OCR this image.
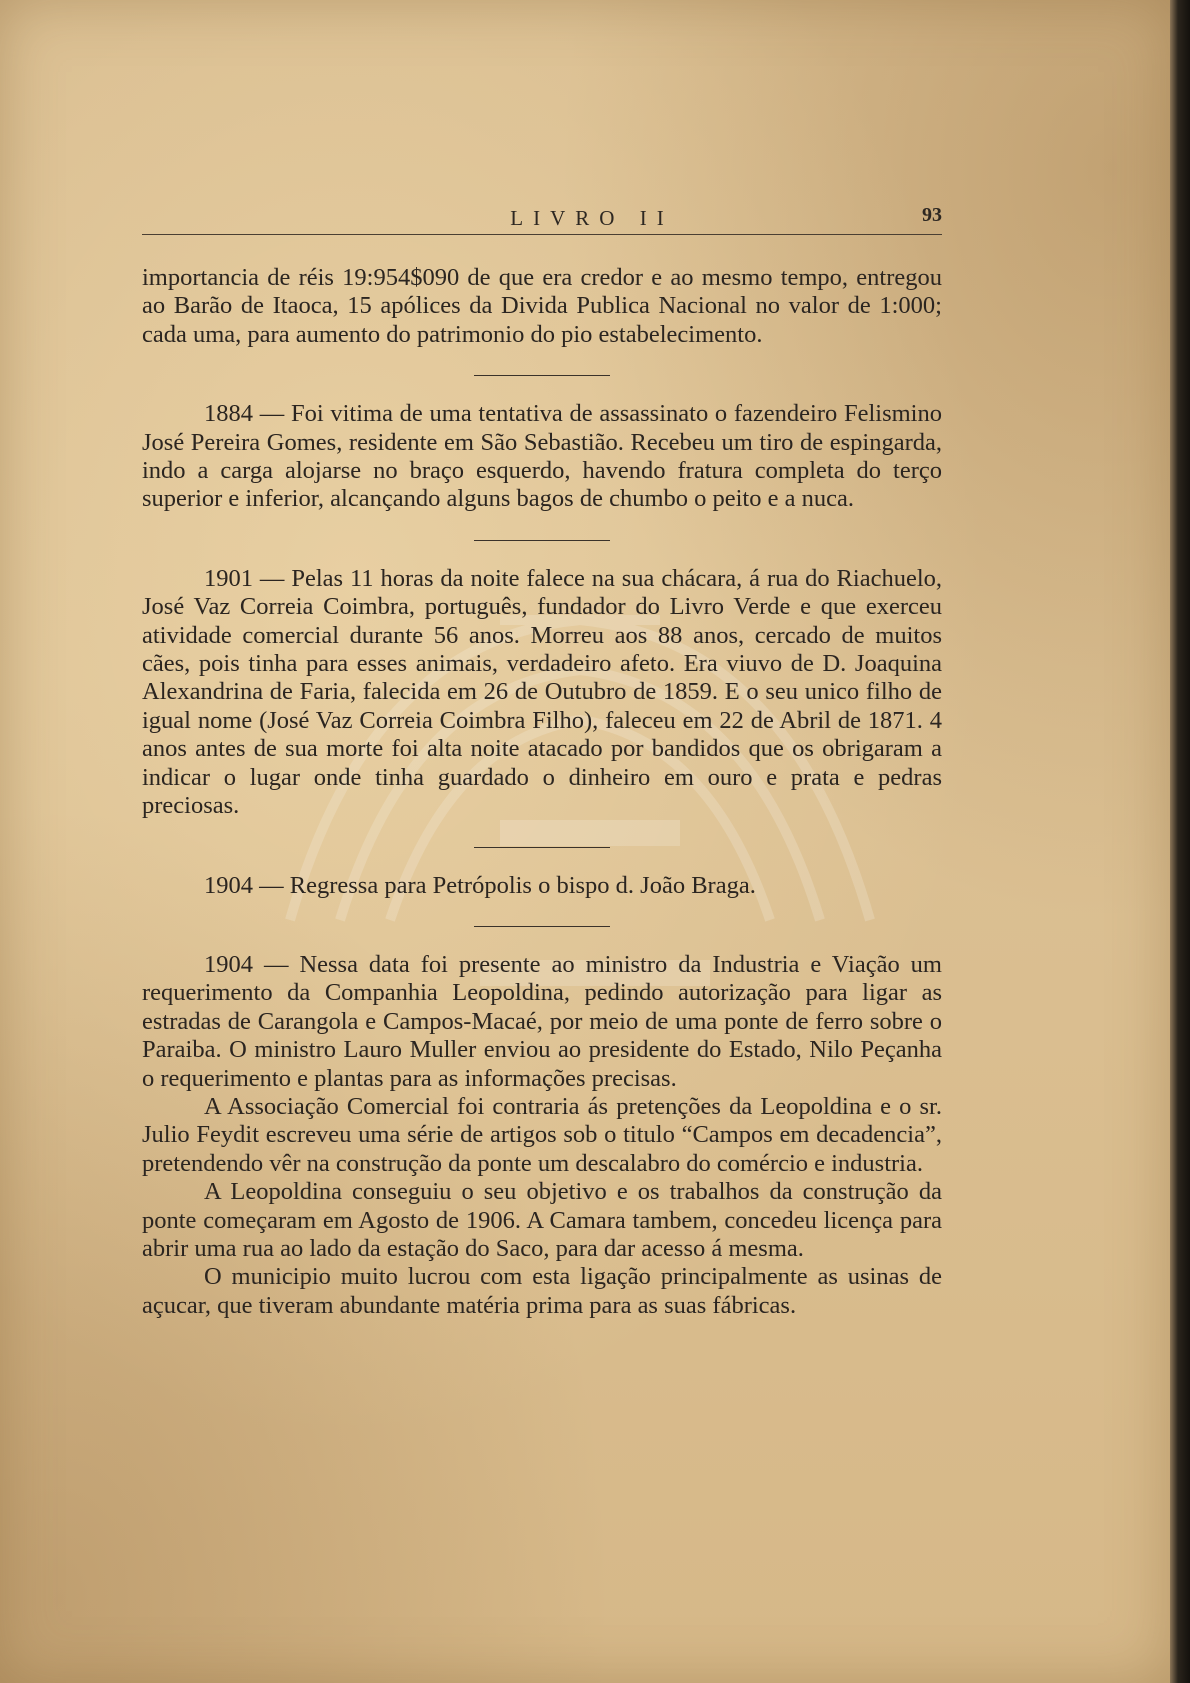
LIVRO II	93

importancia de réis 19:954$090 de que era credor e ao mesmo tempo, entregou ao Barão de Itaoca, 15 apólices da Divida Publica Nacional no valor de 1:000; cada uma, para aumento do patrimonio do pio estabelecimento.

1884 — Foi vitima de uma tentativa de assassinato o fazendeiro Felismino José Pereira Gomes, residente em São Sebastião. Recebeu um tiro de espingarda, indo a carga alojarse no braço esquerdo, havendo fratura completa do terço superior e inferior, alcançando alguns bagos de chumbo o peito e a nuca.

1901 — Pelas 11 horas da noite falece na sua chácara, á rua do Riachuelo, José Vaz Correia Coimbra, português, fundador do Livro Verde e que exerceu atividade comercial durante 56 anos. Morreu aos 88 anos, cercado de muitos cães, pois tinha para esses animais, verdadeiro afeto. Era viuvo de D. Joaquina Alexandrina de Faria, falecida em 26 de Outubro de 1859. E o seu unico filho de igual nome (José Vaz Correia Coimbra Filho), faleceu em 22 de Abril de 1871. 4 anos antes de sua morte foi alta noite atacado por bandidos que os obrigaram a indicar o lugar onde tinha guardado o dinheiro em ouro e prata e pedras preciosas.

1904 — Regressa para Petrópolis o bispo d. João Braga.

1904 — Nessa data foi presente ao ministro da Industria e Viação um requerimento da Companhia Leopoldina, pedindo autorização para ligar as estradas de Carangola e Campos-Macaé, por meio de uma ponte de ferro sobre o Paraiba. O ministro Lauro Muller enviou ao presidente do Estado, Nilo Peçanha o requerimento e plantas para as informações precisas.

A Associação Comercial foi contraria ás pretenções da Leopoldina e o sr. Julio Feydit escreveu uma série de artigos sob o titulo “Campos em decadencia”, pretendendo vêr na construção da ponte um descalabro do comércio e industria.

A Leopoldina conseguiu o seu objetivo e os trabalhos da construção da ponte começaram em Agosto de 1906. A Camara tambem, concedeu licença para abrir uma rua ao lado da estação do Saco, para dar acesso á mesma.

O municipio muito lucrou com esta ligação principalmente as usinas de açucar, que tiveram abundante matéria prima para as suas fábricas.
